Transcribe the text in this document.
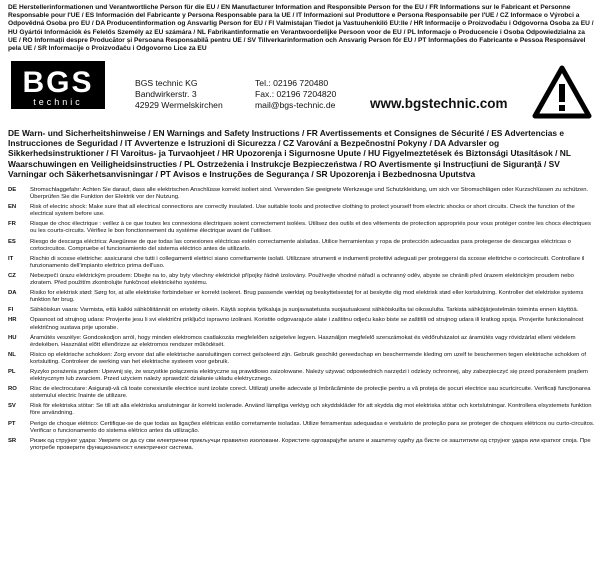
DE Herstellerinformationen und Verantwortliche Person für die EU / EN Manufacturer Information and Responsible Person for the EU / FR Informations sur le Fabricant et Personne Responsable pour l'UE / ES Información del Fabricante y Persona Responsable para la UE / IT Informazioni sul Produttore e Persona Responsabile per l'UE / CZ Informace o Výrobci a Odpovědná Osoba pro EU / DA Producentinformation og Ansvarlig Person for EU / FI Valmistajan Tiedot ja Vastuuhenkilö EU:lle / HR Informacije o Proizvođaču i Odgovorna Osoba za EU / HU Gyártói Információk és Felelős Személy az EU számára / NL Fabrikantinformatie en Verantwoordelijke Persoon voor de EU / PL Informacje o Producencie i Osoba Odpowiedzialna za UE / RO Informații despre Producător și Persoana Responsabilă pentru UE / SV Tillverkarinformation och Ansvarig Person för EU / PT Informações do Fabricante e Pessoa Responsável pela UE / SR Informacije o Proizvođaču i Odgovorno Lice za EU
BGS
technic
BGS technic KG
Bandwirkerstr. 3
42929 Wermelskirchen
Tel.: 02196 720480
Fax.: 02196 7204820
mail@bgs-technic.de	www.bgstechnic.com
DE Warn- und Sicherheitshinweise / EN Warnings and Safety Instructions / FR Avertissements et Consignes de Sécurité / ES Advertencias e Instrucciones de Seguridad / IT Avvertenze e Istruzioni di Sicurezza / CZ Varování a Bezpečnostní Pokyny / DA Advarsler og Sikkerhedsinstruktioner / FI Varoitus- ja Turvaohjeet / HR Upozorenja i Sigurnosne Upute / HU Figyelmeztetések és Biztonsági Utasítások / NL Waarschuwingen en Veiligheidsinstructies / PL Ostrzeżenia i Instrukcje Bezpieczeństwa / RO Avertismente și Instrucțiuni de Siguranță / SV Varningar och Säkerhetsanvisningar / PT Avisos e Instruções de Segurança / SR Upozorenja i Bezbednosna Uputstva
DE	Stromschlaggefahr: Achten Sie darauf, dass alle elektrischen Anschlüsse korrekt isoliert sind. Verwenden Sie geeignete Werkzeuge und Schutzkleidung, um sich vor Stromschlägen oder Kurzschlüssen zu schützen. Überprüfen Sie die Funktion der Elektrik vor der Nutzung.
EN	Risk of electric shock: Make sure that all electrical connections are correctly insulated. Use suitable tools and protective clothing to protect yourself from electric shocks or short circuits. Check the function of the electrical system before use.
FR	Risque de choc électrique : veillez à ce que toutes les connexions électriques soient correctement isolées. Utilisez des outils et des vêtements de protection appropriés pour vous protéger contre les chocs électriques ou les courts-circuits. Vérifiez le bon fonctionnement du système électrique avant de l'utiliser.
ES	Riesgo de descarga eléctrica: Asegúrese de que todas las conexiones eléctricas estén correctamente aisladas. Utilice herramientas y ropa de protección adecuadas para protegerse de descargas eléctricas o cortocircuitos. Compruebe el funcionamiento del sistema eléctrico antes de utilizarlo.
IT	Rischio di scosse elettriche: assicurarsi che tutti i collegamenti elettrici siano correttamente isolati. Utilizzare strumenti e indumenti protettivi adeguati per proteggersi da scosse elettriche o cortocircuiti. Controllare il funzionamento dell'impianto elettrico prima dell'uso.
CZ	Nebezpečí úrazu elektrickým proudem: Dbejte na to, aby byly všechny elektrické přípojky řádně izolovány. Používejte vhodné nářadí a ochranný oděv, abyste se chránili před úrazem elektrickým proudem nebo zkratem. Před použitím zkontrolujte funkčnost elektrického systému.
DA	Risiko for elektrisk stød: Sørg for, at alle elektriske forbindelser er korrekt isoleret. Brug passende værktøj og beskyttelsestøj for at beskytte dig mod elektrisk stød eller kortslutning. Kontroller det elektriske systems funktion før brug.
FI	Sähköiskun vaara: Varmista, että kaikki sähköliitännät on eristetty oikein. Käytä sopivia työkaluja ja suojavaatetusta suojautuaksesi sähköiskuilta tai oikosululta. Tarkista sähköjärjestelmän toiminta ennen käyttöä.
HR	Opasnost od strujnog udara: Provjerite jesu li svi električni priključci ispravno izolirani. Koristite odgovarajuće alate i zaštitnu odjeću kako biste se zaštitili od strujnog udara ili kratkog spoja. Provjerite funkcionalnost električnog sustava prije uporabe.
HU	Áramütés veszélye: Gondoskodjon arról, hogy minden elektromos csatlakozás megfelelően szigetelve legyen. Használjon megfelelő szerszámokat és védőruházatot az áramütés vagy rövidzárlat elleni védelem érdekében. Használat előtt ellenőrizze az elektromos rendszer működését.
NL	Risico op elektrische schokken: Zorg ervoor dat alle elektrische aansluitingen correct geïsoleerd zijn. Gebruik geschikt gereedschap en beschermende kleding om uzelf te beschermen tegen elektrische schokken of kortsluiting. Controleer de werking van het elektrische systeem voor gebruik.
PL	Ryzyko porażenia prądem: Upewnij się, że wszystkie połączenia elektryczne są prawidłowo zaizolowane. Należy używać odpowiednich narzędzi i odzieży ochronnej, aby zabezpieczyć się przed porażeniem prądem elektrycznym lub zwarciem. Przed użyciem należy sprawdzić działanie układu elektrycznego.
RO	Risc de electrocutare: Asigurați-vă că toate conexiunile electrice sunt izolate corect. Utilizați unelte adecvate și îmbrăcăminte de protecție pentru a vă proteja de șocuri electrice sau scurtcircuite. Verificați funcționarea sistemului electric înainte de utilizare.
SV	Risk för elektriska stötar: Se till att alla elektriska anslutningar är korrekt isolerade. Använd lämpliga verktyg och skyddskläder för att skydda dig mot elektriska stötar och kortslutningar. Kontrollera elsystemets funktion före användning.
PT	Perigo de choque elétrico: Certifique-se de que todas as ligações elétricas estão corretamente isoladas. Utilize ferramentas adequadas e vestuário de proteção para se proteger de choques elétricos ou curto-circuitos. Verificar o funcionamento do sistema elétrico antes da utilização.
SR	Ризик од струјног удара: Уверите се да су сви електрични прикључци правилно изоловани. Користите одговарајуће алате и заштитну одећу да бисте се заштитили од струјног удара или кратког споја. Пре употребе проверите функционалност електричног система.
